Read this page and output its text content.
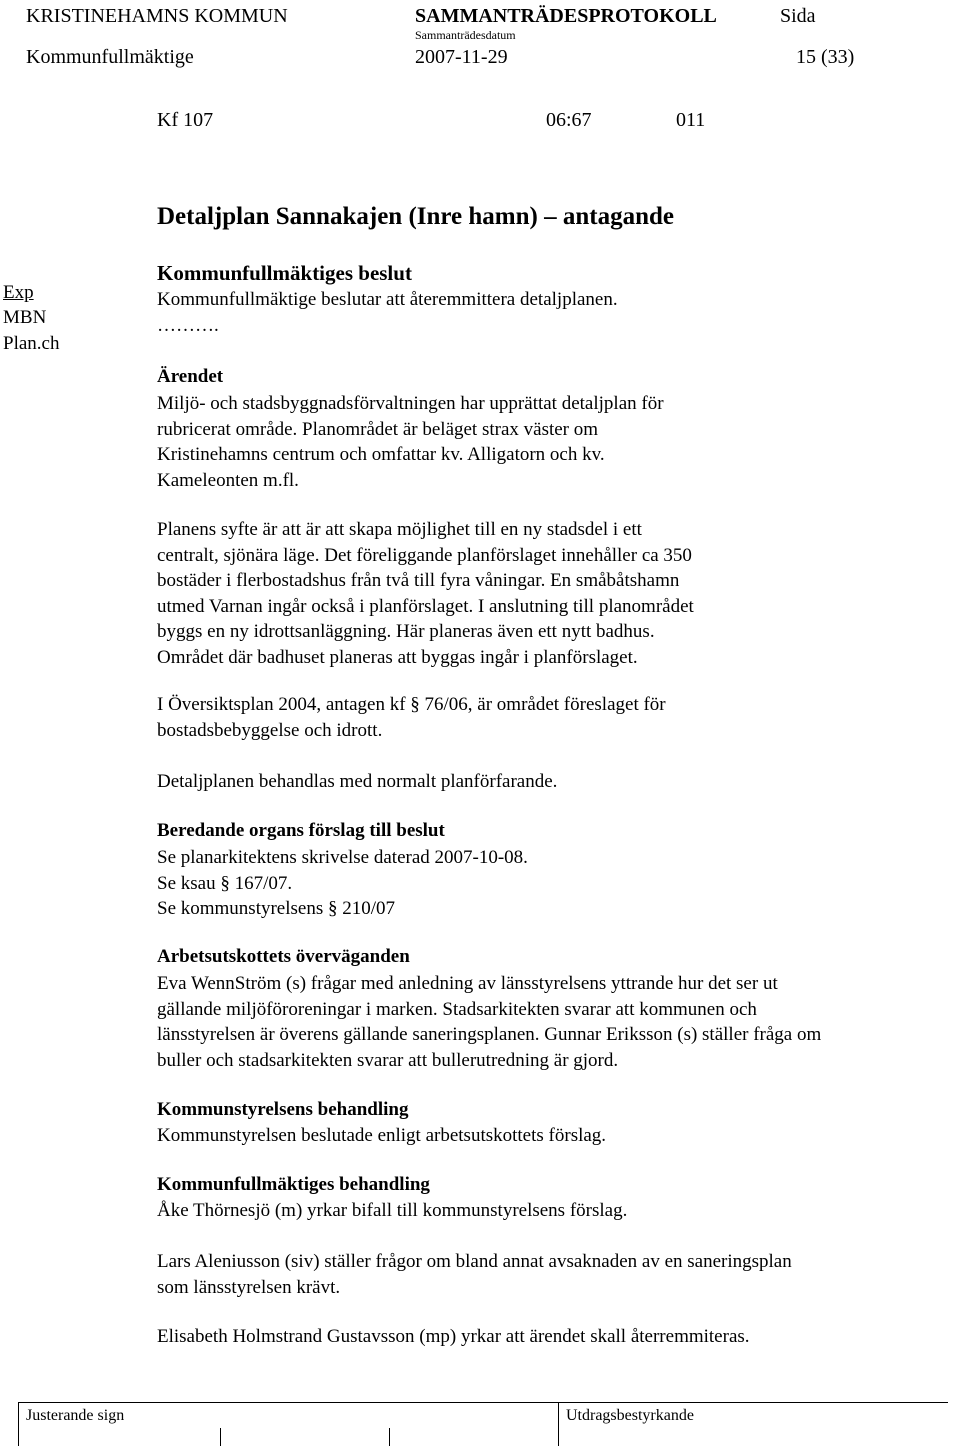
KRISTINEHAMNS KOMMUN	SAMMANTRÄDESPROTOKOLL	Sida
Sammanträdesdatum
Kommunfullmäktige	2007-11-29	15 (33)
Kf 107	06:67	011
Detaljplan Sannakajen (Inre hamn) – antagande
Exp
MBN
Plan.ch
Kommunfullmäktiges beslut
Kommunfullmäktige beslutar att återemmittera detaljplanen.
……….
Ärendet
Miljö- och stadsbyggnadsförvaltningen har upprättat detaljplan för
rubricerat område. Planområdet är beläget strax väster om
Kristinehamns centrum och omfattar kv. Alligatorn och kv.
Kameleonten m.fl.
Planens syfte är att är att skapa möjlighet till en ny stadsdel i ett
centralt, sjönära läge. Det föreliggande planförslaget innehåller ca 350
bostäder i flerbostadshus från två till fyra våningar. En småbåtshamn
utmed Varnan ingår också i planförslaget. I anslutning till planområdet
byggs en ny idrottsanläggning. Här planeras även ett nytt badhus.
Området där badhuset planeras att byggas ingår i planförslaget.
I Översiktsplan 2004, antagen kf § 76/06, är området föreslaget för
bostadsbebyggelse och idrott.
Detaljplanen behandlas med normalt planförfarande.
Beredande organs förslag till beslut
Se planarkitektens skrivelse daterad 2007-10-08.
Se ksau § 167/07.
Se kommunstyrelsens § 210/07
Arbetsutskottets överväganden
Eva WennStröm (s) frågar med anledning av länsstyrelsens yttrande hur det ser ut
gällande miljöföroreningar i marken. Stadsarkitekten svarar att kommunen och
länsstyrelsen är överens gällande saneringsplanen. Gunnar Eriksson (s) ställer fråga om
buller och stadsarkitekten svarar att bullerutredning är gjord.
Kommunstyrelsens behandling
Kommunstyrelsen beslutade enligt arbetsutskottets förslag.
Kommunfullmäktiges behandling
Åke Thörnesjö (m) yrkar bifall till kommunstyrelsens förslag.
Lars Aleniusson (siv) ställer frågor om bland annat avsaknaden av en saneringsplan
som länsstyrelsen krävt.
Elisabeth Holmstrand Gustavsson (mp) yrkar att ärendet skall återremmiteras.
Justerande sign	Utdragsbestyrkande
